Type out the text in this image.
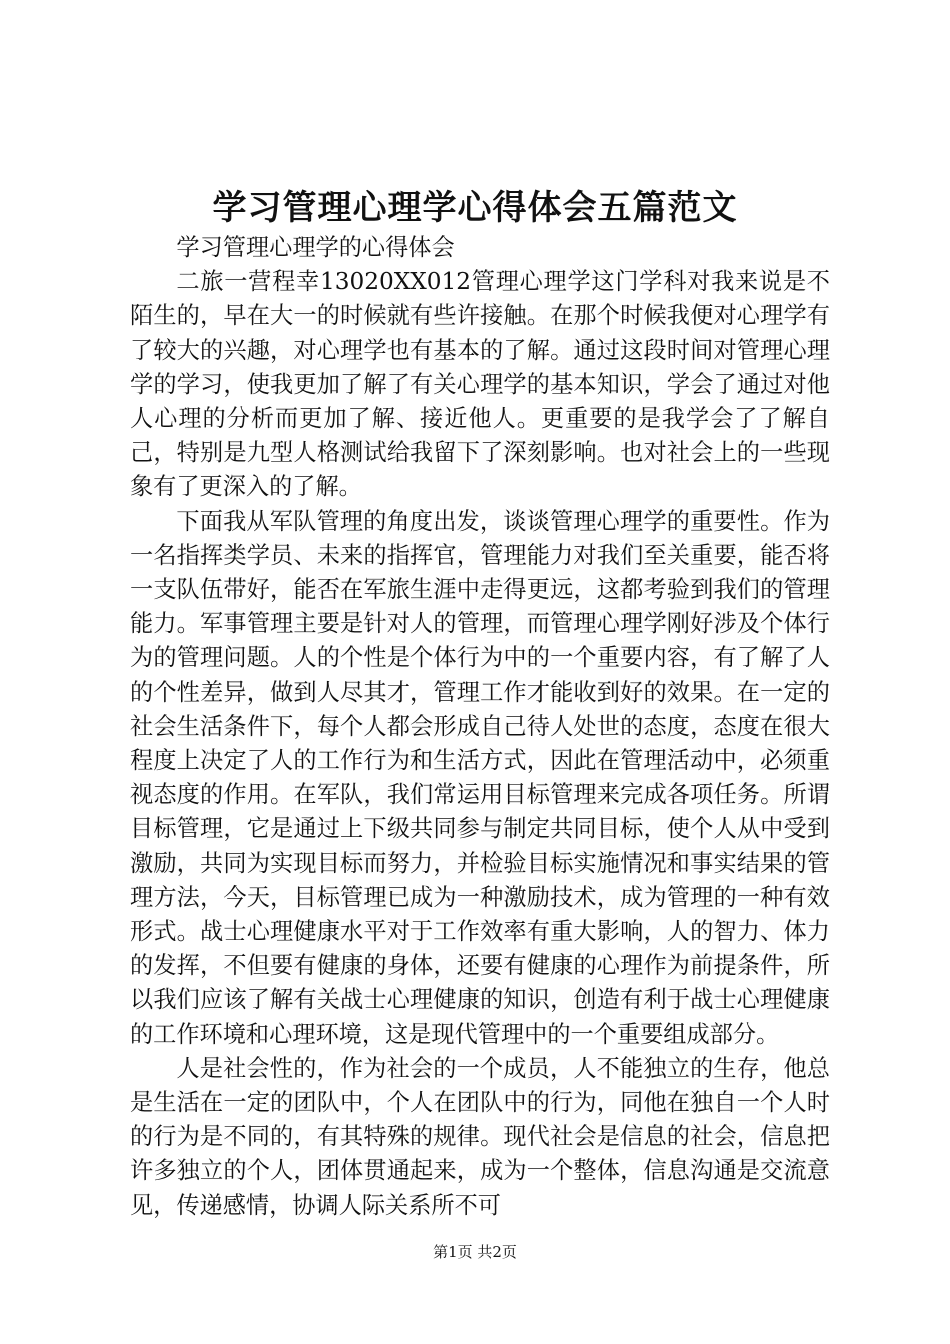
学习管理心理学心得体会五篇范文

学习管理心理学的心得体会

二旅一营程幸13020XX012管理心理学这门学科对我来说是不陌生的，早在大一的时候就有些许接触。在那个时候我便对心理学有了较大的兴趣，对心理学也有基本的了解。通过这段时间对管理心理学的学习，使我更加了解了有关心理学的基本知识，学会了通过对他人心理的分析而更加了解、接近他人。更重要的是我学会了了解自己，特别是九型人格测试给我留下了深刻影响。也对社会上的一些现象有了更深入的了解。

下面我从军队管理的角度出发，谈谈管理心理学的重要性。作为一名指挥类学员、未来的指挥官，管理能力对我们至关重要，能否将一支队伍带好，能否在军旅生涯中走得更远，这都考验到我们的管理能力。军事管理主要是针对人的管理，而管理心理学刚好涉及个体行为的管理问题。人的个性是个体行为中的一个重要内容，有了解了人的个性差异，做到人尽其才，管理工作才能收到好的效果。在一定的社会生活条件下，每个人都会形成自己待人处世的态度，态度在很大程度上决定了人的工作行为和生活方式，因此在管理活动中，必须重视态度的作用。在军队，我们常运用目标管理来完成各项任务。所谓目标管理，它是通过上下级共同参与制定共同目标，使个人从中受到激励，共同为实现目标而努力，并检验目标实施情况和事实结果的管理方法，今天，目标管理已成为一种激励技术，成为管理的一种有效形式。战士心理健康水平对于工作效率有重大影响，人的智力、体力的发挥，不但要有健康的身体，还要有健康的心理作为前提条件，所以我们应该了解有关战士心理健康的知识，创造有利于战士心理健康的工作环境和心理环境，这是现代管理中的一个重要组成部分。

人是社会性的，作为社会的一个成员，人不能独立的生存，他总是生活在一定的团队中，个人在团队中的行为，同他在独自一个人时的行为是不同的，有其特殊的规律。现代社会是信息的社会，信息把许多独立的个人，团体贯通起来，成为一个整体，信息沟通是交流意见，传递感情，协调人际关系所不可

第1页 共2页
